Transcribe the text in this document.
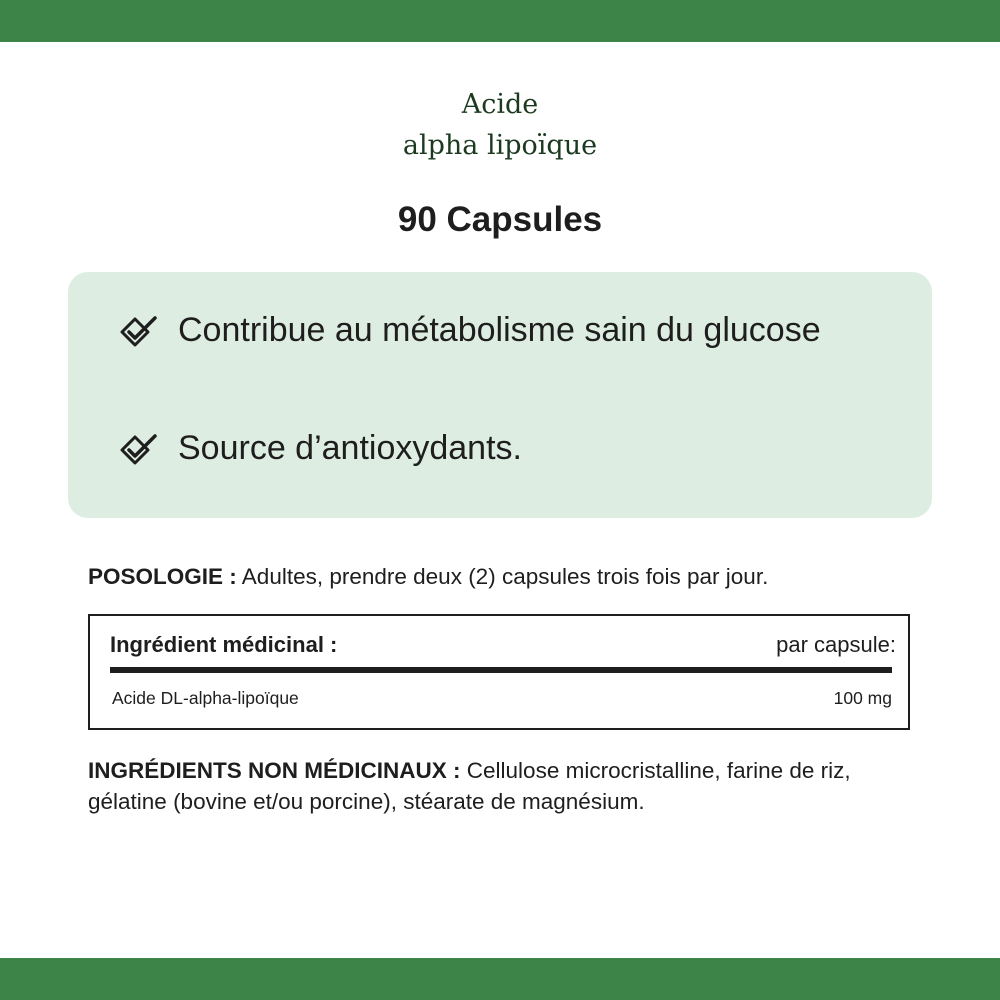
Acide
alpha lipoïque
90 Capsules
Contribue au métabolisme sain du glucose
Source d’antioxydants.
POSOLOGIE : Adultes, prendre deux (2) capsules trois fois par jour.
Ingrédient médicinal :	par capsule:
Acide DL-alpha-lipoïque	100 mg
INGRÉDIENTS NON MÉDICINAUX : Cellulose microcristalline, farine de riz, gélatine (bovine et/ou porcine), stéarate de magnésium.
